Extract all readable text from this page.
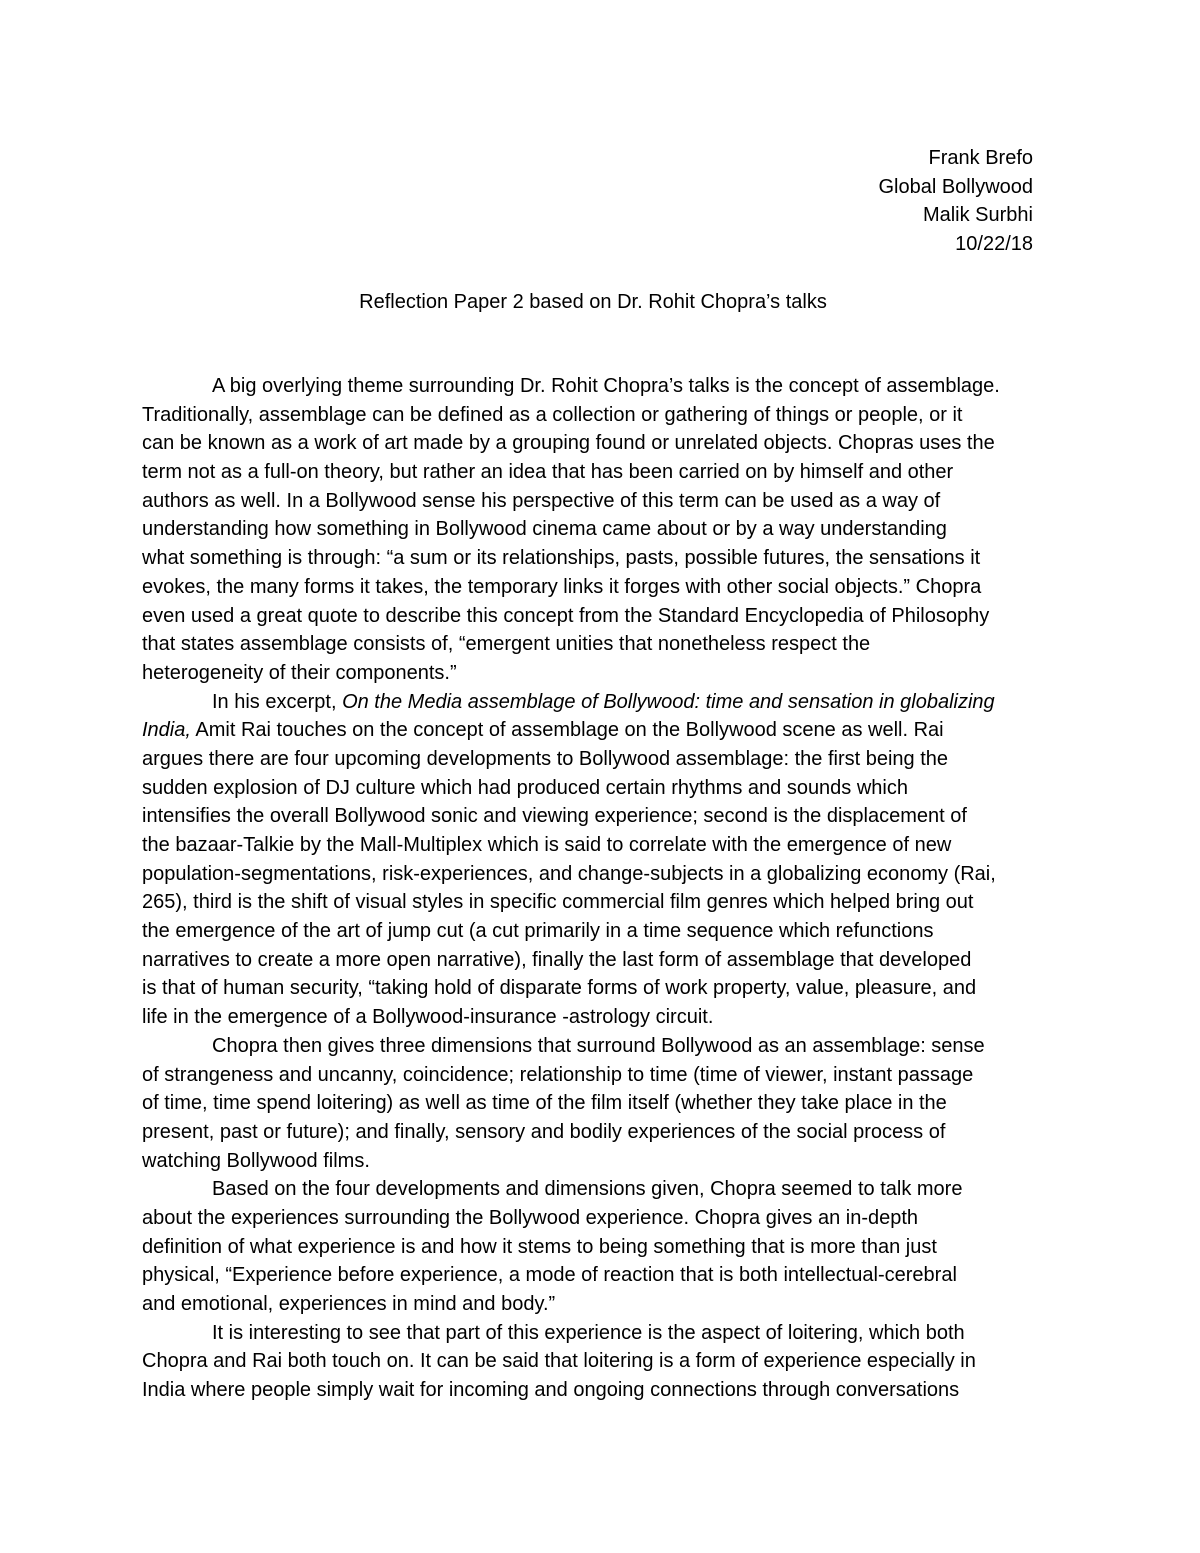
Frank Brefo
Global Bollywood
Malik Surbhi
10/22/18
Reflection Paper 2 based on Dr. Rohit Chopra’s talks
A big overlying theme surrounding Dr. Rohit Chopra’s talks is the concept of assemblage.
Traditionally, assemblage can be defined as a collection or gathering of things or people, or it
can be known as a work of art made by a grouping found or unrelated objects. Chopras uses the
term not as a full-on theory, but rather an idea that has been carried on by himself and other
authors as well. In a Bollywood sense his perspective of this term can be used as a way of
understanding how something in Bollywood cinema came about or by a way understanding
what something is through: “a sum or its relationships, pasts, possible futures, the sensations it
evokes, the many forms it takes, the temporary links it forges with other social objects.” Chopra
even used a great quote to describe this concept from the Standard Encyclopedia of Philosophy
that states assemblage consists of, “emergent unities that nonetheless respect the
heterogeneity of their components.”
In his excerpt, On the Media assemblage of Bollywood: time and sensation in globalizing
India, Amit Rai touches on the concept of assemblage on the Bollywood scene as well. Rai
argues there are four upcoming developments to Bollywood assemblage: the first being the
sudden explosion of DJ culture which had produced certain rhythms and sounds which
intensifies the overall Bollywood sonic and viewing experience; second is the displacement of
the bazaar-Talkie by the Mall-Multiplex which is said to correlate with the emergence of new
population-segmentations, risk-experiences, and change-subjects in a globalizing economy (Rai,
265), third is the shift of visual styles in specific commercial film genres which helped bring out
the emergence of the art of jump cut (a cut primarily in a time sequence which refunctions
narratives to create a more open narrative), finally the last form of assemblage that developed
is that of human security, “taking hold of disparate forms of work property, value, pleasure, and
life in the emergence of a Bollywood-insurance -astrology circuit.
Chopra then gives three dimensions that surround Bollywood as an assemblage: sense
of strangeness and uncanny, coincidence; relationship to time (time of viewer, instant passage
of time, time spend loitering) as well as time of the film itself (whether they take place in the
present, past or future); and finally, sensory and bodily experiences of the social process of
watching Bollywood films.
Based on the four developments and dimensions given, Chopra seemed to talk more
about the experiences surrounding the Bollywood experience. Chopra gives an in-depth
definition of what experience is and how it stems to being something that is more than just
physical, “Experience before experience, a mode of reaction that is both intellectual-cerebral
and emotional, experiences in mind and body.”
It is interesting to see that part of this experience is the aspect of loitering, which both
Chopra and Rai both touch on. It can be said that loitering is a form of experience especially in
India where people simply wait for incoming and ongoing connections through conversations
